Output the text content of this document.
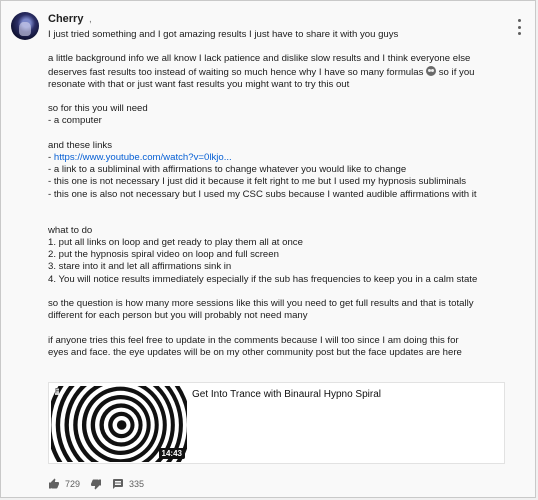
Cherry ,

I just tried something and I got amazing results I just have to share it with you guys

a little background info we all know I lack patience and dislike slow results and I think everyone else

deserves fast results too instead of waiting so much hence why I have so many formulas  so if you

resonate with that or just want fast results you might want to try this out

so for this you will need

- a computer

and these links

- https://www.youtube.com/watch?v=0lkjo...

- a link to a subliminal with affirmations to change whatever you would like to change

- this one is not necessary I just did it because it felt right to me but I used my hypnosis subliminals

- this one is also not necessary but I used my CSC subs because I wanted audible affirmations with it

what to do

1. put all links on loop and get ready to play them all at once

2. put the hypnosis spiral video on loop and full screen

3. stare into it and let all affirmations sink in

4. You will notice results immediately especially if the sub has frequencies to keep you in a calm state

so the question is how many more sessions like this will you need to get full results and that is totally

different for each person but you will probably not need many

if anyone tries this feel free to update in the comments because I will too since I am doing this for

eyes and face. the eye updates will be on my other community post but the face updates are here

F
14:43
Get Into Trance with Binaural Hypno Spiral
729	335
